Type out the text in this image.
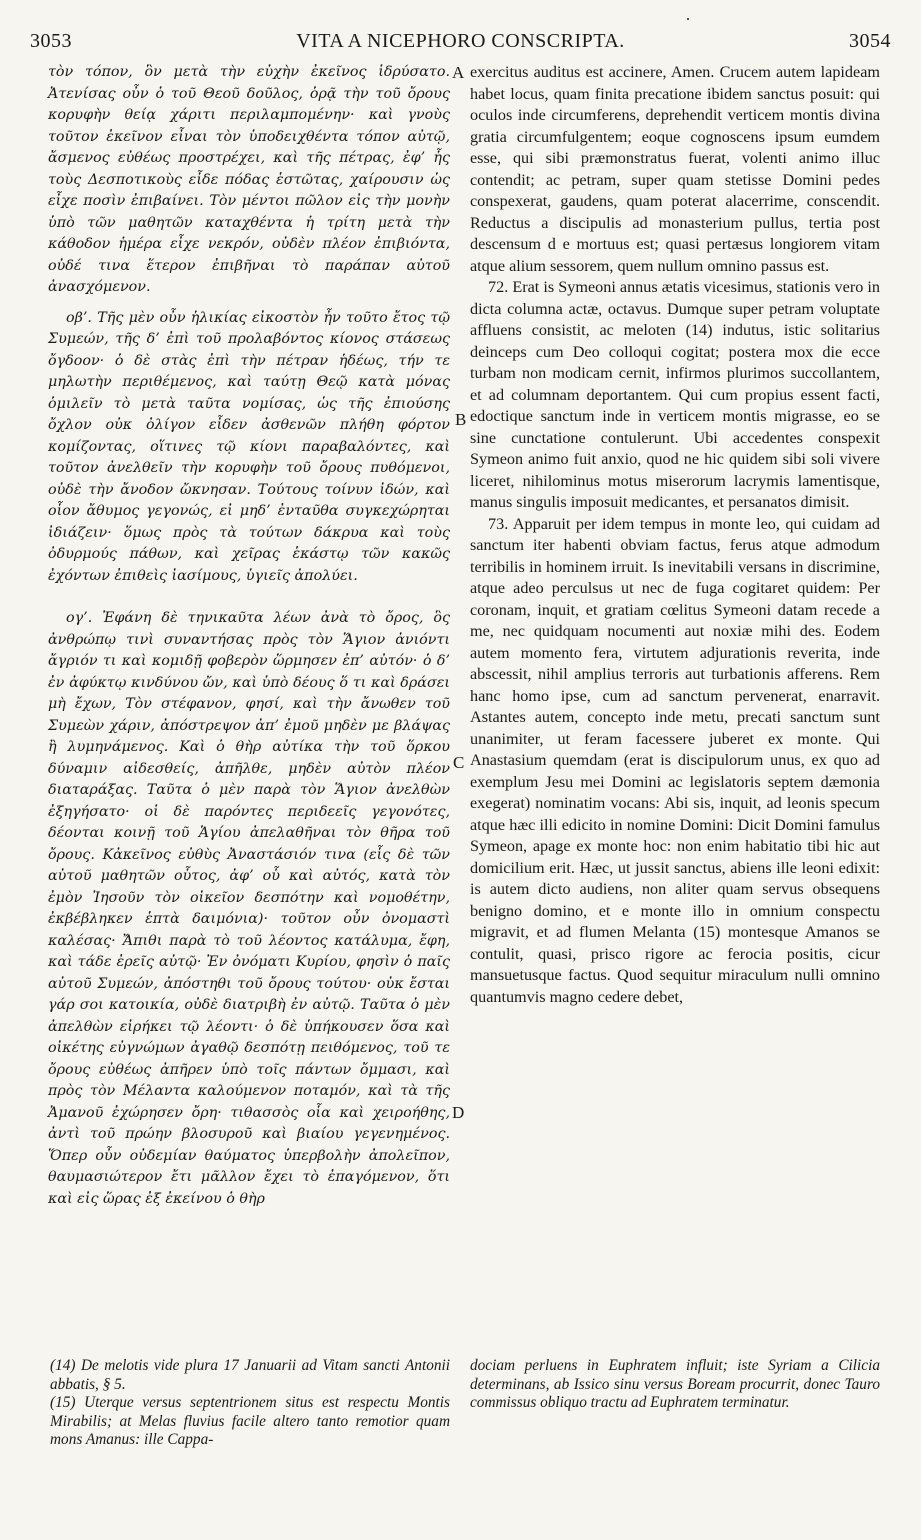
3053	VITA A NICEPHORO CONSCRIPTA.	3054

τὸν τόπον, ὃν μετὰ τὴν εὐχὴν ἐκεῖνος ἱδρύσατο. Ἀτενίσας οὖν ὁ τοῦ Θεοῦ δοῦλος, ὁρᾷ τὴν τοῦ ὄρους κορυφὴν θείᾳ χάριτι περιλαμπομένην· καὶ γνοὺς τοῦτον ἐκεῖνον εἶναι τὸν ὑποδειχθέντα τόπον αὐτῷ, ἄσμενος εὐθέως προστρέχει, καὶ τῆς πέτρας, ἐφ’ ἧς τοὺς Δεσποτικοὺς εἶδε πόδας ἑστῶτας, χαίρουσιν ὡς εἶχε ποσὶν ἐπιβαίνει. Τὸν μέντοι πῶλον εἰς τὴν μονὴν ὑπὸ τῶν μαθητῶν καταχθέντα ἡ τρίτη μετὰ τὴν κάθοδον ἡμέρα εἶχε νεκρόν, οὐδὲν πλέον ἐπιβιόντα, οὐδέ τινα ἕτερον ἐπιβῆναι τὸ παράπαν αὐτοῦ ἀνασχόμενον.

οβ’. Τῆς μὲν οὖν ἡλικίας εἰκοστὸν ἦν τοῦτο ἔτος τῷ Συμεών, τῆς δ’ ἐπὶ τοῦ προλαβόντος κίονος στάσεως ὄγδοον· ὁ δὲ στὰς ἐπὶ τὴν πέτραν ἡδέως, τήν τε μηλωτὴν περιθέμενος, καὶ ταύτῃ Θεῷ κατὰ μόνας ὁμιλεῖν τὸ μετὰ ταῦτα νομίσας, ὡς τῆς ἐπιούσης ὄχλον οὐκ ὀλίγον εἶδεν ἀσθενῶν πλήθη φόρτον κομίζοντας, οἵτινες τῷ κίονι παραβαλόντες, καὶ τοῦτον ἀνελθεῖν τὴν κορυφὴν τοῦ ὄρους πυθόμενοι, οὐδὲ τὴν ἄνοδον ὤκνησαν. Τούτους τοίνυν ἰδών, καὶ οἷον ἄθυμος γεγονώς, εἰ μηδ’ ἐνταῦθα συγκεχώρηται ἰδιάζειν· ὅμως πρὸς τὰ τούτων δάκρυα καὶ τοὺς ὀδυρμούς πάθων, καὶ χεῖρας ἑκάστῳ τῶν κακῶς ἐχόντων ἐπιθεὶς ἰασίμους, ὑγιεῖς ἀπολύει.

ογ’. Ἐφάνη δὲ τηνικαῦτα λέων ἀνὰ τὸ ὄρος, ὃς ἀνθρώπῳ τινὶ συναντήσας πρὸς τὸν Ἅγιον ἀνιόντι ἄγριόν τι καὶ κομιδῇ φοβερὸν ὥρμησεν ἐπ’ αὐτόν· ὁ δ’ ἐν ἀφύκτῳ κινδύνου ὤν, καὶ ὑπὸ δέους ὅ τι καὶ δράσει μὴ ἔχων, Τὸν στέφανον, φησί, καὶ τὴν ἄνωθεν τοῦ Συμεὼν χάριν, ἀπόστρεψον ἀπ’ ἐμοῦ μηδὲν με βλάψας ἢ λυμηνάμενος. Καὶ ὁ θὴρ αὐτίκα τὴν τοῦ ὅρκου δύναμιν αἰδεσθείς, ἀπῆλθε, μηδὲν αὐτὸν πλέον διαταράξας. Ταῦτα ὁ μὲν παρὰ τὸν Ἅγιον ἀνελθὼν ἐξηγήσατο· οἱ δὲ παρόντες περιδεεῖς γεγονότες, δέονται κοινῇ τοῦ Ἁγίου ἀπελαθῆναι τὸν θῆρα τοῦ ὄρους. Κἀκεῖνος εὐθὺς Ἀναστάσιόν τινα (εἷς δὲ τῶν αὐτοῦ μαθητῶν οὗτος, ἀφ’ οὗ καὶ αὐτός, κατὰ τὸν ἐμὸν Ἰησοῦν τὸν οἰκεῖον δεσπότην καὶ νομοθέτην, ἐκβέβληκεν ἑπτὰ δαιμόνια)· τοῦτον οὖν ὀνομαστὶ καλέσας· Ἄπιθι παρὰ τὸ τοῦ λέοντος κατάλυμα, ἔφη, καὶ τάδε ἐρεῖς αὐτῷ· Ἐν ὀνόματι Κυρίου, φησὶν ὁ παῖς αὐτοῦ Συμεών, ἀπόστηθι τοῦ ὄρους τούτου· οὐκ ἔσται γάρ σοι κατοικία, οὐδὲ διατριβὴ ἐν αὐτῷ. Ταῦτα ὁ μὲν ἀπελθὼν εἰρήκει τῷ λέοντι· ὁ δὲ ὑπήκουσεν ὅσα καὶ οἰκέτης εὐγνώμων ἀγαθῷ δεσπότῃ πειθόμενος, τοῦ τε ὄρους εὐθέως ἀπῆρεν ὑπὸ τοῖς πάντων ὄμμασι, καὶ πρὸς τὸν Μέλαντα καλούμενον ποταμόν, καὶ τὰ τῆς Ἀμανοῦ ἐχώρησεν ὄρη· τιθασσὸς οἷα καὶ χειροήθης, ἀντὶ τοῦ πρώην βλοσυροῦ καὶ βιαίου γεγενημένος. Ὅπερ οὖν οὐδεμίαν θαύματος ὑπερβολὴν ἀπολεῖπον, θαυμασιώτερον ἔτι μᾶλλον ἔχει τὸ ἐπαγόμενον, ὅτι καὶ εἰς ὥρας ἐξ ἐκείνου ὁ θὴρ

exercitus auditus est accinere, Amen. Crucem autem lapideam habet locus, quam finita precatione ibidem sanctus posuit: qui oculos inde circumferens, deprehendit verticem montis divina gratia circumfulgentem; eoque cognoscens ipsum eumdem esse, qui sibi præmonstratus fuerat, volenti animo illuc contendit; ac petram, super quam stetisse Domini pedes conspexerat, gaudens, quam poterat alacerrime, conscendit. Reductus a discipulis ad monasterium pullus, tertia post descensum d e mortuus est; quasi pertæsus longiorem vitam atque alium sessorem, quem nullum omnino passus est.

72. Erat is Symeoni annus ætatis vicesimus, stationis vero in dicta columna actæ, octavus. Dumque super petram voluptate affluens consistit, ac meloten (14) indutus, istic solitarius deinceps cum Deo colloqui cogitat; postera mox die ecce turbam non modicam cernit, infirmos plurimos succollantem, et ad columnam deportantem. Qui cum propius essent facti, edoctique sanctum inde in verticem montis migrasse, eo se sine cunctatione contulerunt. Ubi accedentes conspexit Symeon animo fuit anxio, quod ne hic quidem sibi soli vivere liceret, nihilominus motus miserorum lacrymis lamentisque, manus singulis imposuit medicantes, et persanatos dimisit.

73. Apparuit per idem tempus in monte leo, qui cuidam ad sanctum iter habenti obviam factus, ferus atque admodum terribilis in hominem irruit. Is inevitabili versans in discrimine, atque adeo perculsus ut nec de fuga cogitaret quidem: Per coronam, inquit, et gratiam cœlitus Symeoni datam recede a me, nec quidquam nocumenti aut noxiæ mihi des. Eodem autem momento fera, virtutem adjurationis reverita, inde abscessit, nihil amplius terroris aut turbationis afferens. Rem hanc homo ipse, cum ad sanctum pervenerat, enarravit. Astantes autem, concepto inde metu, precati sanctum sunt unanimiter, ut feram facessere juberet ex monte. Qui Anastasium quemdam (erat is discipulorum unus, ex quo ad exemplum Jesu mei Domini ac legislatoris septem dæmonia exegerat) nominatim vocans: Abi sis, inquit, ad leonis specum atque hæc illi edicito in nomine Domini: Dicit Domini famulus Symeon, apage ex monte hoc: non enim habitatio tibi hic aut domicilium erit. Hæc, ut jussit sanctus, abiens ille leoni edixit: is autem dicto audiens, non aliter quam servus obsequens benigno domino, et e monte illo in omnium conspectu migravit, et ad flumen Melanta (15) montesque Amanos se contulit, quasi, prisco rigore ac ferocia positis, cicur mansuetusque factus. Quod sequitur miraculum nulli omnino quantumvis magno cedere debet,

A
B
C
D

(14) De melotis vide plura 17 Januarii ad Vitam sancti Antonii abbatis, § 5.

(15) Uterque versus septentrionem situs est respectu Montis Mirabilis; at Melas fluvius facile altero tanto remotior quam mons Amanus: ille Cappa-

dociam perluens in Euphratem influit; iste Syriam a Cilicia determinans, ab Issico sinu versus Boream procurrit, donec Tauro commissus obliquo tractu ad Euphratem terminatur.
